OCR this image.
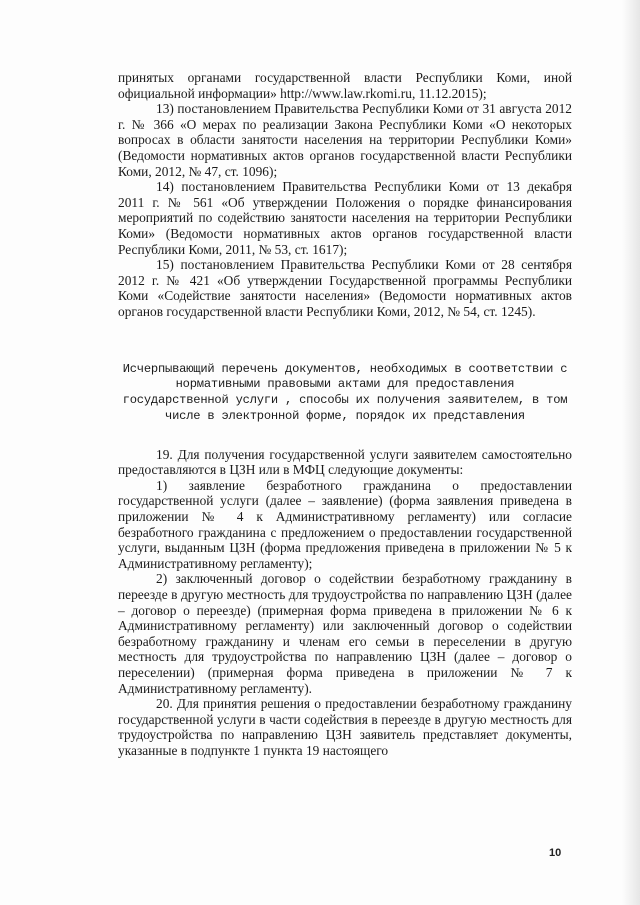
принятых органами государственной власти Республики Коми, иной официальной информации» http://www.law.rkomi.ru, 11.12.2015);

13) постановлением Правительства Республики Коми от 31 августа 2012 г. № 366 «О мерах по реализации Закона Республики Коми «О некоторых вопросах в области занятости населения на территории Республики Коми» (Ведомости нормативных актов органов государственной власти Республики Коми, 2012, № 47, ст. 1096);

14) постановлением Правительства Республики Коми от 13 декабря 2011 г. № 561 «Об утверждении Положения о порядке финансирования мероприятий по содействию занятости населения на территории Республики Коми» (Ведомости нормативных актов органов государственной власти Республики Коми, 2011, № 53, ст. 1617);

15) постановлением Правительства Республики Коми от 28 сентября 2012 г. № 421 «Об утверждении Государственной программы Республики Коми «Содействие занятости населения» (Ведомости нормативных актов органов государственной власти Республики Коми, 2012, № 54, ст. 1245).

Исчерпывающий перечень документов, необходимых в соответствии с нормативными правовыми актами для предоставления государственной услуги , способы их получения заявителем, в том числе в электронной форме, порядок их представления

19. Для получения государственной услуги заявителем самостоятельно предоставляются в ЦЗН или в МФЦ следующие документы:

1) заявление безработного гражданина о предоставлении государственной услуги (далее – заявление) (форма заявления приведена в приложении № 4 к Административному регламенту) или согласие безработного гражданина с предложением о предоставлении государственной услуги, выданным ЦЗН (форма предложения приведена в приложении № 5 к Административному регламенту);

2) заключенный договор о содействии безработному гражданину в переезде в другую местность для трудоустройства по направлению ЦЗН (далее – договор о переезде) (примерная форма приведена в приложении № 6 к Административному регламенту) или заключенный договор о содействии безработному гражданину и членам его семьи в переселении в другую местность для трудоустройства по направлению ЦЗН (далее – договор о переселении) (примерная форма приведена в приложении № 7 к Административному регламенту).

20. Для принятия решения о предоставлении безработному гражданину государственной услуги в части содействия в переезде в другую местность для трудоустройства по направлению ЦЗН заявитель представляет документы, указанные в подпункте 1 пункта 19 настоящего

10
